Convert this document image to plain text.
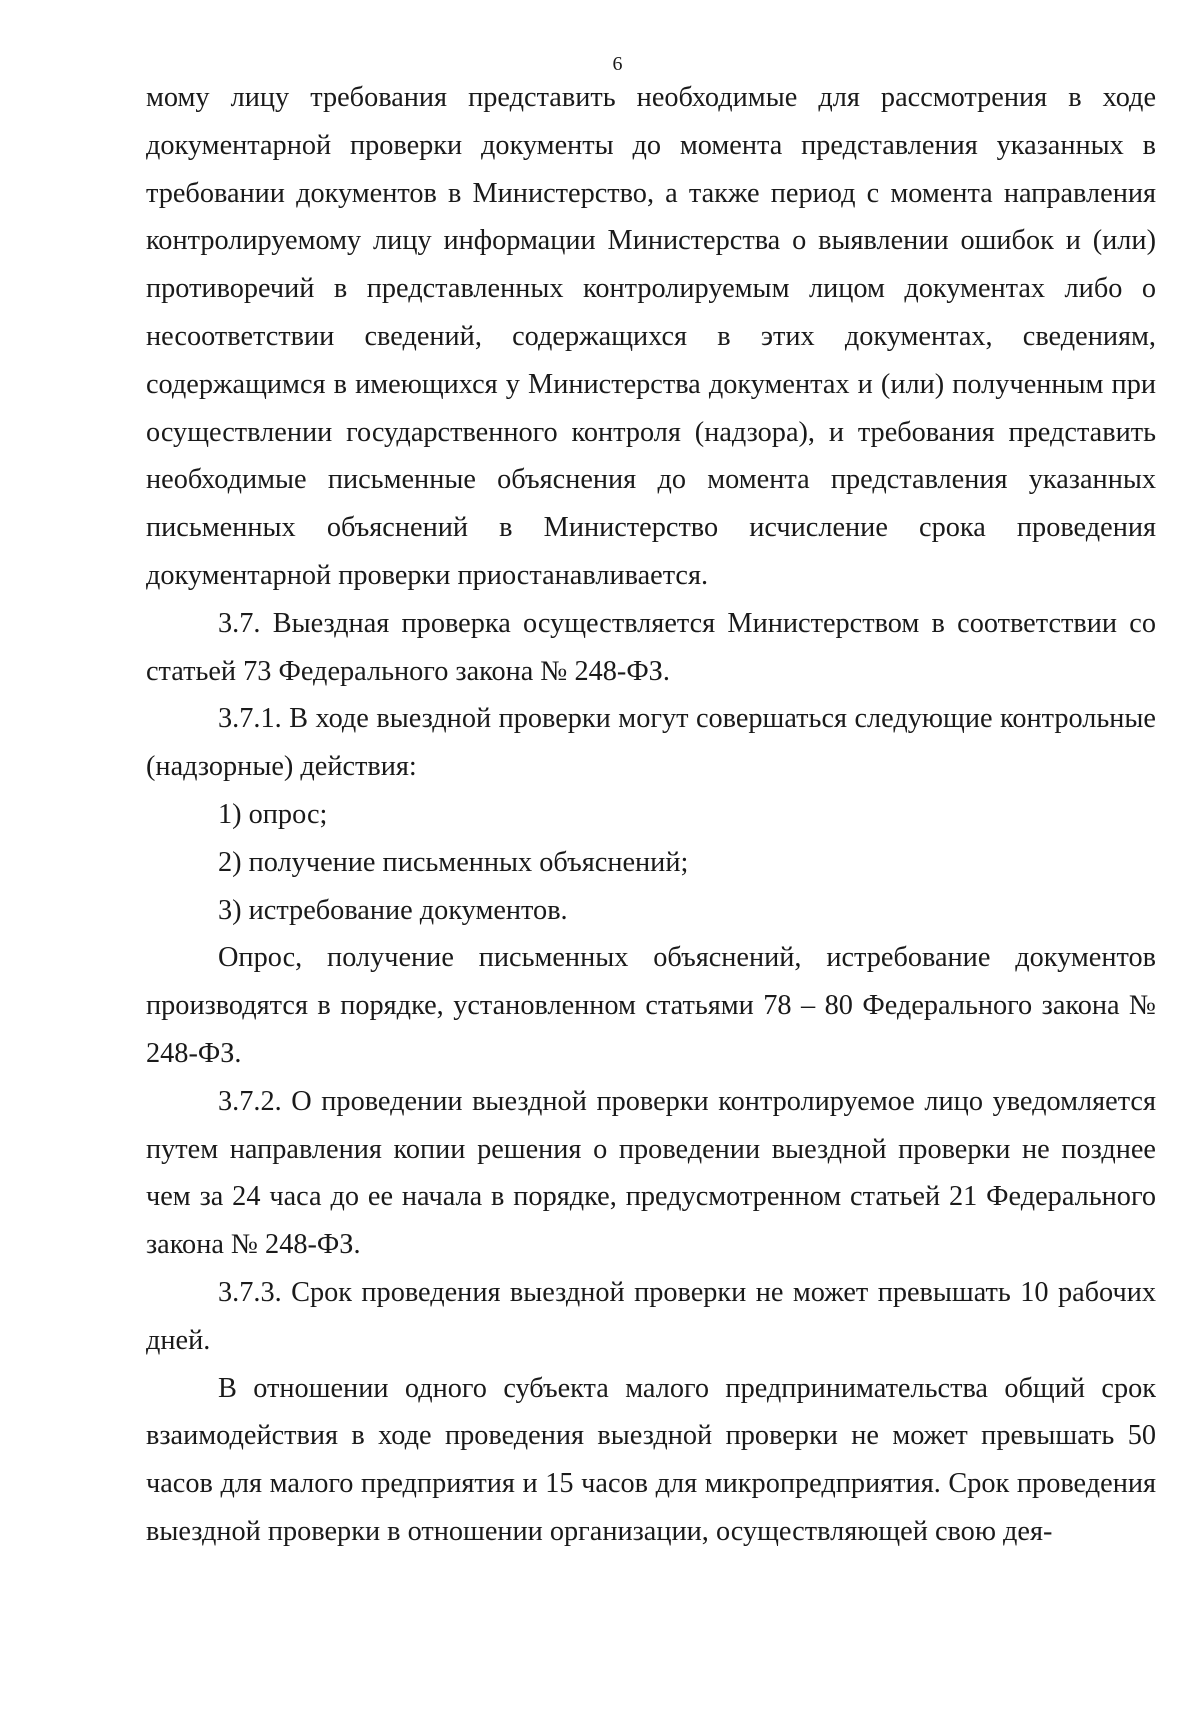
6

мому лицу требования представить необходимые для рассмотрения в ходе документарной проверки документы до момента представления указанных в требовании документов в Министерство, а также период с момента направления контролируемому лицу информации Министерства о выявлении ошибок и (или) противоречий в представленных контролируемым лицом документах либо о несоответствии сведений, содержащихся в этих документах, сведениям, содержащимся в имеющихся у Министерства документах и (или) полученным при осуществлении государственного контроля (надзора), и требования представить необходимые письменные объяснения до момента представления указанных письменных объяснений в Министерство исчисление срока проведения документарной проверки приостанавливается.

3.7. Выездная проверка осуществляется Министерством в соответствии со статьей 73 Федерального закона № 248-ФЗ.

3.7.1. В ходе выездной проверки могут совершаться следующие контрольные (надзорные) действия:

1) опрос;

2) получение письменных объяснений;

3) истребование документов.

Опрос, получение письменных объяснений, истребование документов производятся в порядке, установленном статьями 78 – 80 Федерального закона № 248-ФЗ.

3.7.2. О проведении выездной проверки контролируемое лицо уведомляется путем направления копии решения о проведении выездной проверки не позднее чем за 24 часа до ее начала в порядке, предусмотренном статьей 21 Федерального закона № 248-ФЗ.

3.7.3. Срок проведения выездной проверки не может превышать 10 рабочих дней.

В отношении одного субъекта малого предпринимательства общий срок взаимодействия в ходе проведения выездной проверки не может превышать 50 часов для малого предприятия и 15 часов для микропредприятия. Срок проведения выездной проверки в отношении организации, осуществляющей свою дея-
